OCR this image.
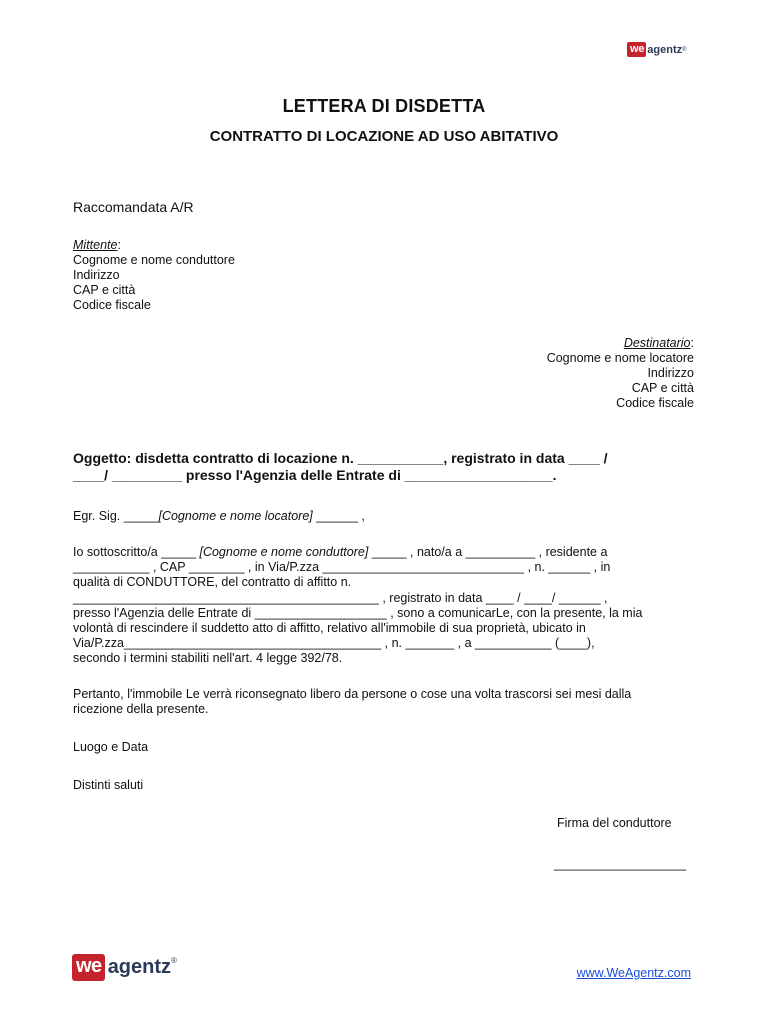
we agentz ®
LETTERA DI DISDETTA
CONTRATTO DI LOCAZIONE AD USO ABITATIVO
Raccomandata A/R

Mittente:

Cognome e nome conduttore

Indirizzo

CAP e città

Codice fiscale

Destinatario:

Cognome e nome locatore

Indirizzo

CAP e città

Codice fiscale

Oggetto: disdetta contratto di locazione n. ___________, registrato in data ____ /

____/ _________ presso l'Agenzia delle Entrate di ___________________.

Egr. Sig. _____[Cognome e nome locatore] ______ ,

Io sottoscritto/a _____ [Cognome e nome conduttore] _____ , nato/a a __________ , residente a

___________ , CAP ________ , in Via/P.zza _____________________________ , n. ______ , in

qualità di CONDUTTORE, del contratto di affitto n.

____________________________________________ , registrato in data ____ / ____/ ______ ,

presso l'Agenzia delle Entrate di ___________________ , sono a comunicarLe, con la presente, la mia

volontà di rescindere il suddetto atto di affitto, relativo all'immobile di sua proprietà, ubicato in

Via/P.zza_____________________________________ , n. _______ , a ___________ (____),

secondo i termini stabiliti nell'art. 4 legge 392/78.

Pertanto, l'immobile Le verrà riconsegnato libero da persone o cose una volta trascorsi sei mesi dalla

ricezione della presente.

Luogo e Data
Distinti saluti
Firma del conduttore
___________________
we agentz ®
www.WeAgentz.com
